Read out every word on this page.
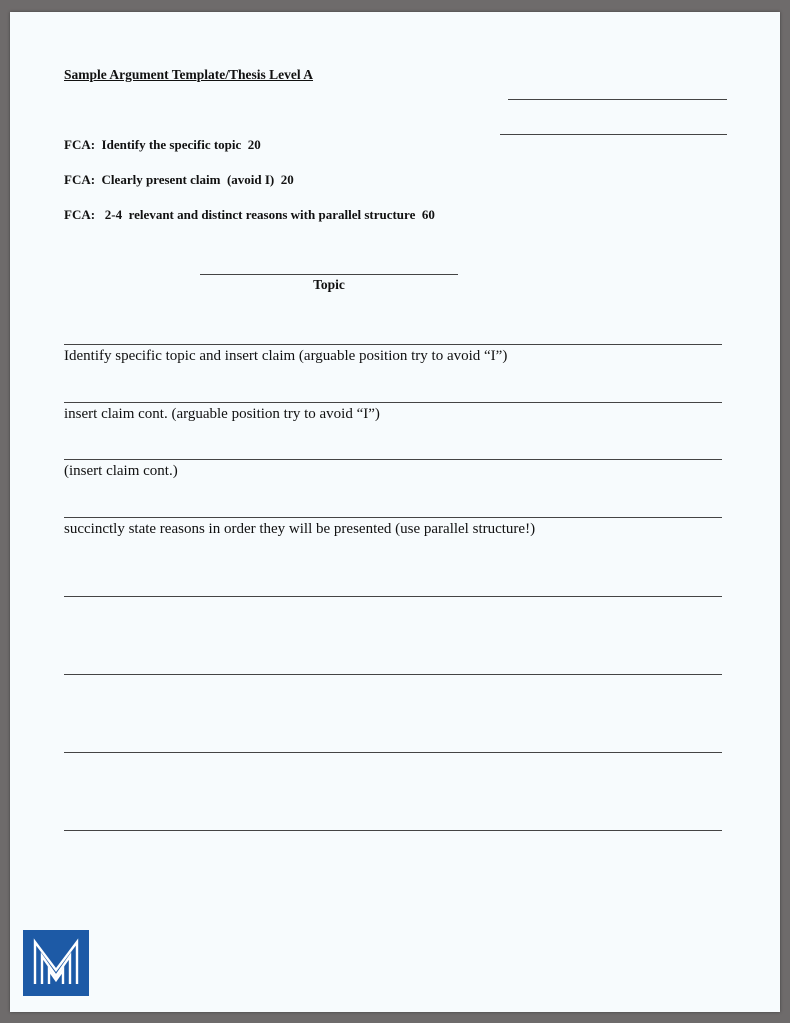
Sample Argument Template/Thesis Level A
FCA:  Identify the specific topic  20
FCA:  Clearly present claim  (avoid I)  20
FCA:   2-4  relevant and distinct reasons with parallel structure  60
Topic
Identify specific topic and insert claim (arguable position try to avoid “I”)
insert claim cont. (arguable position try to avoid “I”)
(insert claim cont.)
succinctly state reasons in order they will be presented (use parallel structure!)
